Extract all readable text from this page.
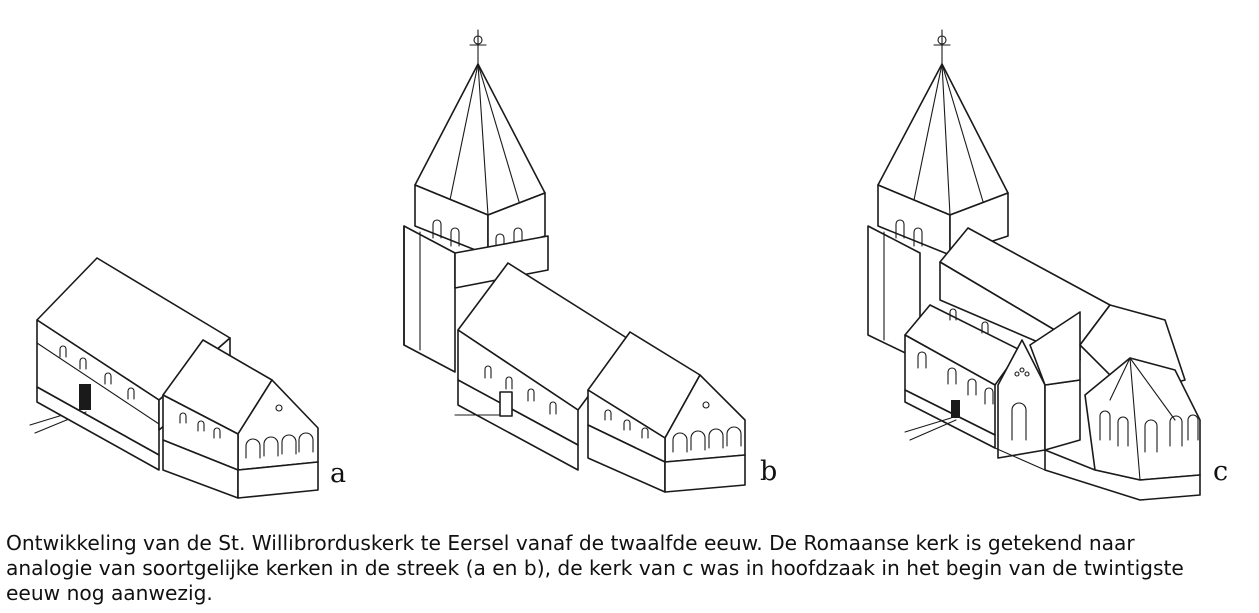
a	b	c

Ontwikkeling van de St. Willibrorduskerk te Eersel vanaf de twaalfde eeuw. De Romaanse kerk is getekend naar
analogie van soortgelijke kerken in de streek (a en b), de kerk van c was in hoofdzaak in het begin van de twintigste
eeuw nog aanwezig.
